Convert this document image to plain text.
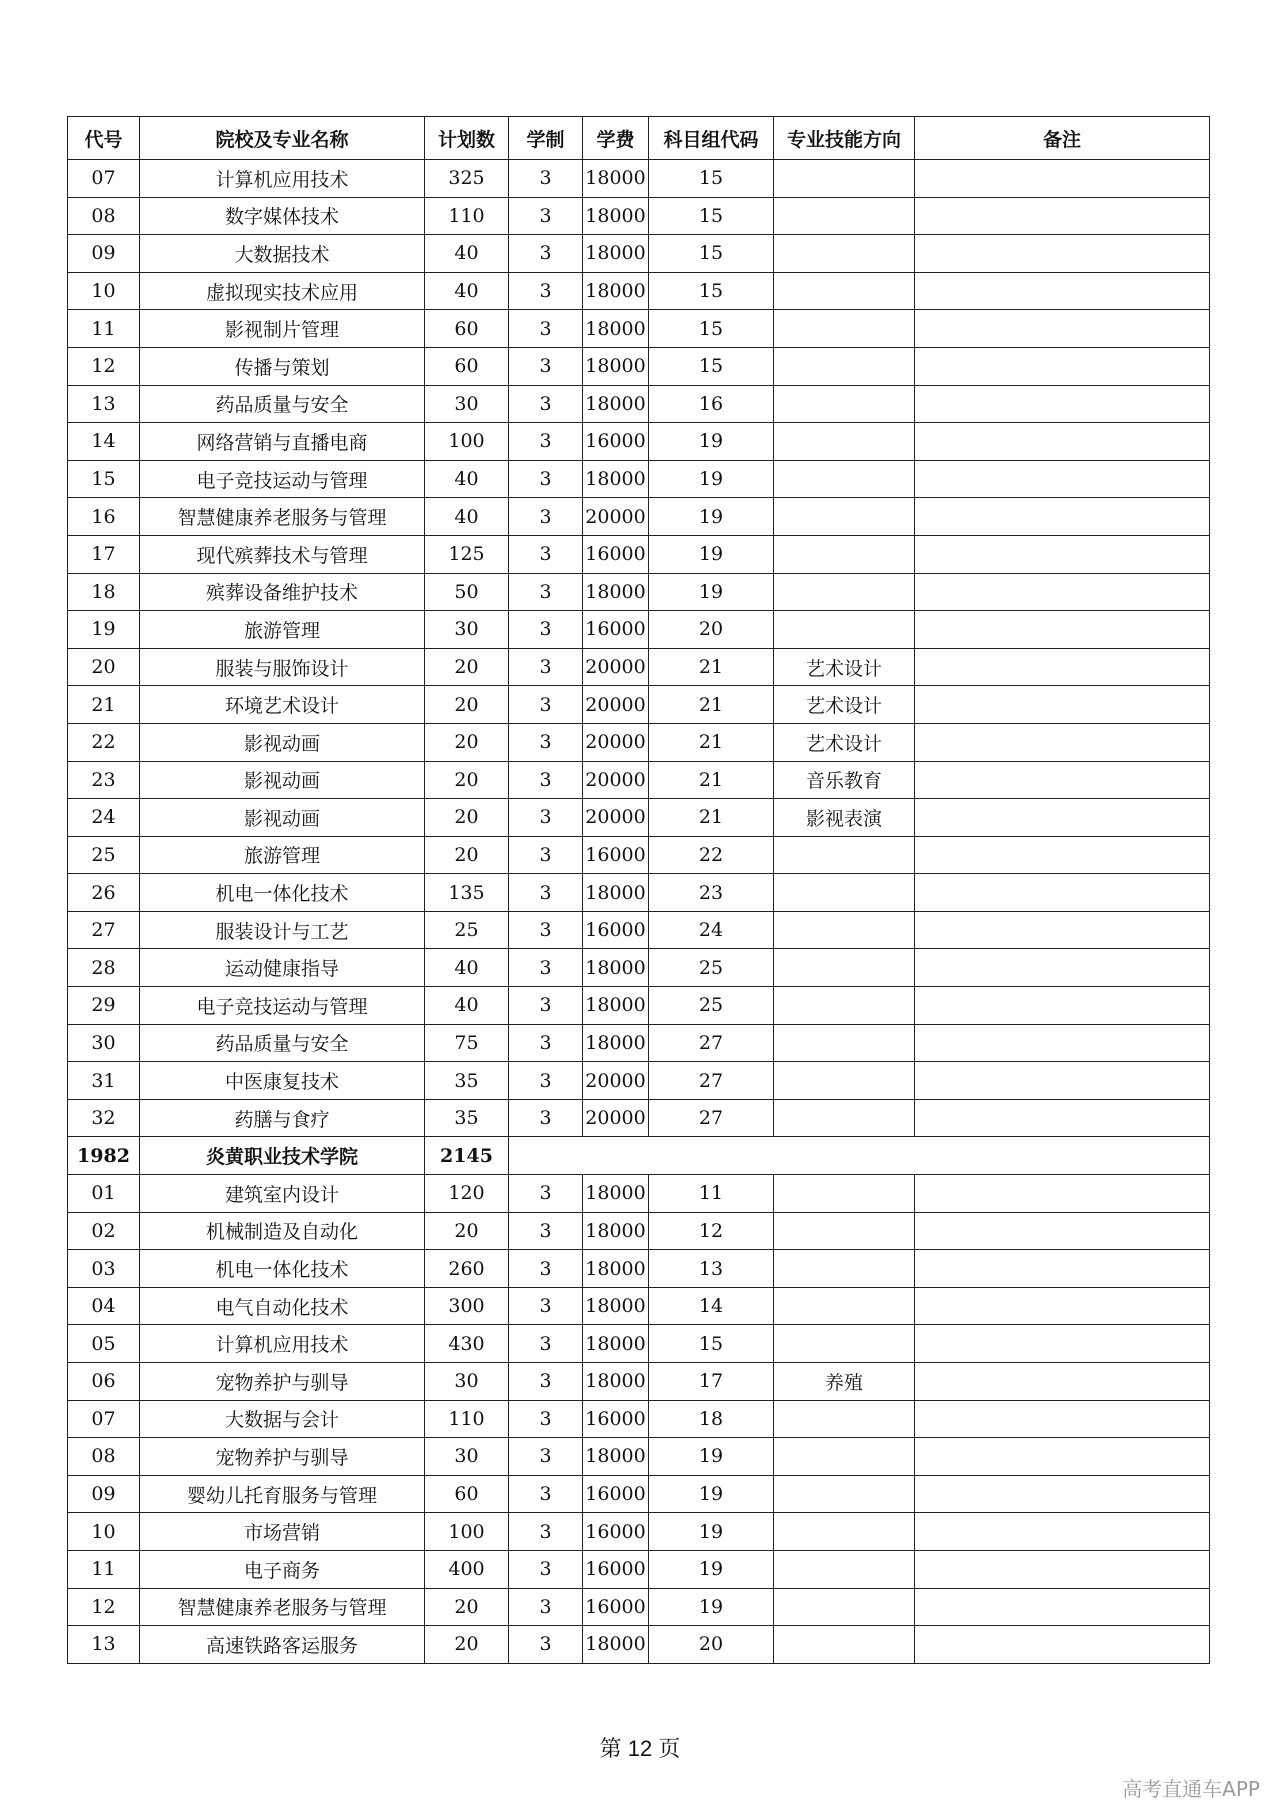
代号	院校及专业名称	计划数	学制	学费	科目组代码	专业技能方向	备注
07	计算机应用技术	325	3	18000	15		
08	数字媒体技术	110	3	18000	15		
09	大数据技术	40	3	18000	15		
10	虚拟现实技术应用	40	3	18000	15		
11	影视制片管理	60	3	18000	15		
12	传播与策划	60	3	18000	15		
13	药品质量与安全	30	3	18000	16		
14	网络营销与直播电商	100	3	16000	19		
15	电子竞技运动与管理	40	3	18000	19		
16	智慧健康养老服务与管理	40	3	20000	19		
17	现代殡葬技术与管理	125	3	16000	19		
18	殡葬设备维护技术	50	3	18000	19		
19	旅游管理	30	3	16000	20		
20	服装与服饰设计	20	3	20000	21	艺术设计	
21	环境艺术设计	20	3	20000	21	艺术设计	
22	影视动画	20	3	20000	21	艺术设计	
23	影视动画	20	3	20000	21	音乐教育	
24	影视动画	20	3	20000	21	影视表演	
25	旅游管理	20	3	16000	22		
26	机电一体化技术	135	3	18000	23		
27	服装设计与工艺	25	3	16000	24		
28	运动健康指导	40	3	18000	25		
29	电子竞技运动与管理	40	3	18000	25		
30	药品质量与安全	75	3	18000	27		
31	中医康复技术	35	3	20000	27		
32	药膳与食疗	35	3	20000	27		
1982	炎黄职业技术学院	2145					
01	建筑室内设计	120	3	18000	11		
02	机械制造及自动化	20	3	18000	12		
03	机电一体化技术	260	3	18000	13		
04	电气自动化技术	300	3	18000	14		
05	计算机应用技术	430	3	18000	15		
06	宠物养护与驯导	30	3	18000	17	养殖	
07	大数据与会计	110	3	16000	18		
08	宠物养护与驯导	30	3	18000	19		
09	婴幼儿托育服务与管理	60	3	16000	19		
10	市场营销	100	3	16000	19		
11	电子商务	400	3	16000	19		
12	智慧健康养老服务与管理	20	3	16000	19		
13	高速铁路客运服务	20	3	18000	20		
第 12 页
高考直通车APP
